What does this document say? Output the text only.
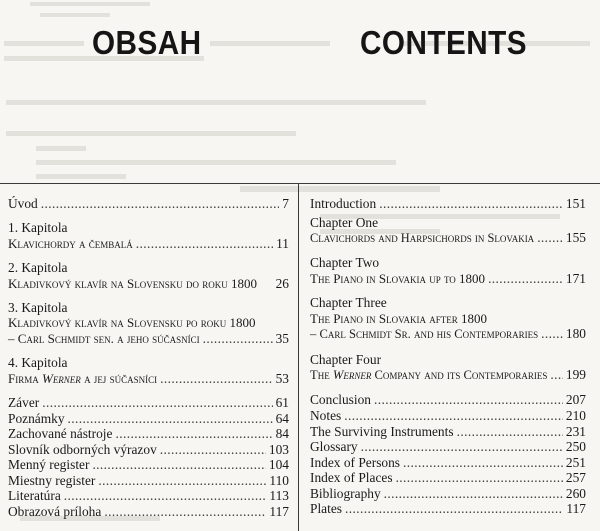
OBSAH	CONTENTS
Úvod .....	7
1. Kapitola
Klavichordy a čembalá .....	11
2. Kapitola
Kladivkový klavír na Slovensku do roku 1800 26
3. Kapitola
Kladivkový klavír na Slovensku po roku 1800
– Carl Schmidt sen. a jeho súčasníci .....	35
4. Kapitola
Firma Werner a jej súčasníci .....	53
Záver .....	61
Poznámky .....	64
Zachované nástroje .....	84
Slovník odborných výrazov .....	103
Menný register .....	104
Miestny register .....	110
Literatúra .....	113
Obrazová príloha .....	117
Introduction .....	151
Chapter One
Clavichords and Harpsichords in Slovakia ..... 155
Chapter Two
The Piano in Slovakia up to 1800 .....	171
Chapter Three
The Piano in Slovakia after 1800
– Carl Schmidt Sr. and his Contemporaries ..... 180
Chapter Four
The Werner Company and its Contemporaries ..... 199
Conclusion .....	207
Notes .....	210
The Surviving Instruments .....	231
Glossary .....	250
Index of Persons .....	251
Index of Places .....	257
Bibliography .....	260
Plates .....	117
